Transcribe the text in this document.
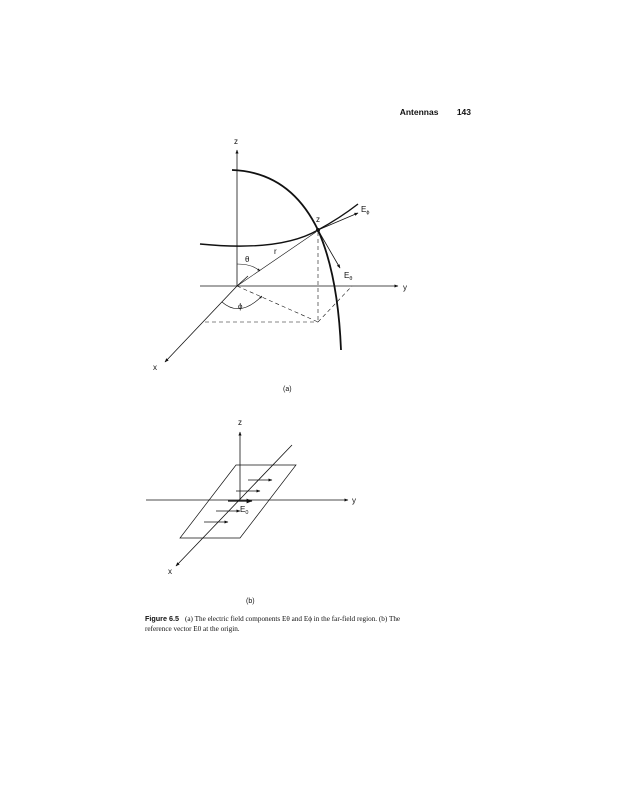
Antennas 143
z
y
x
z
r
θ
ϕ
$E_\phi$
$E_\theta$
z
y
x
$E_0$
(a)
(b)
Figure 6.5 (a) The electric field components Eθ and Eϕ in the far-field region. (b) The reference vector E0 at the origin.
